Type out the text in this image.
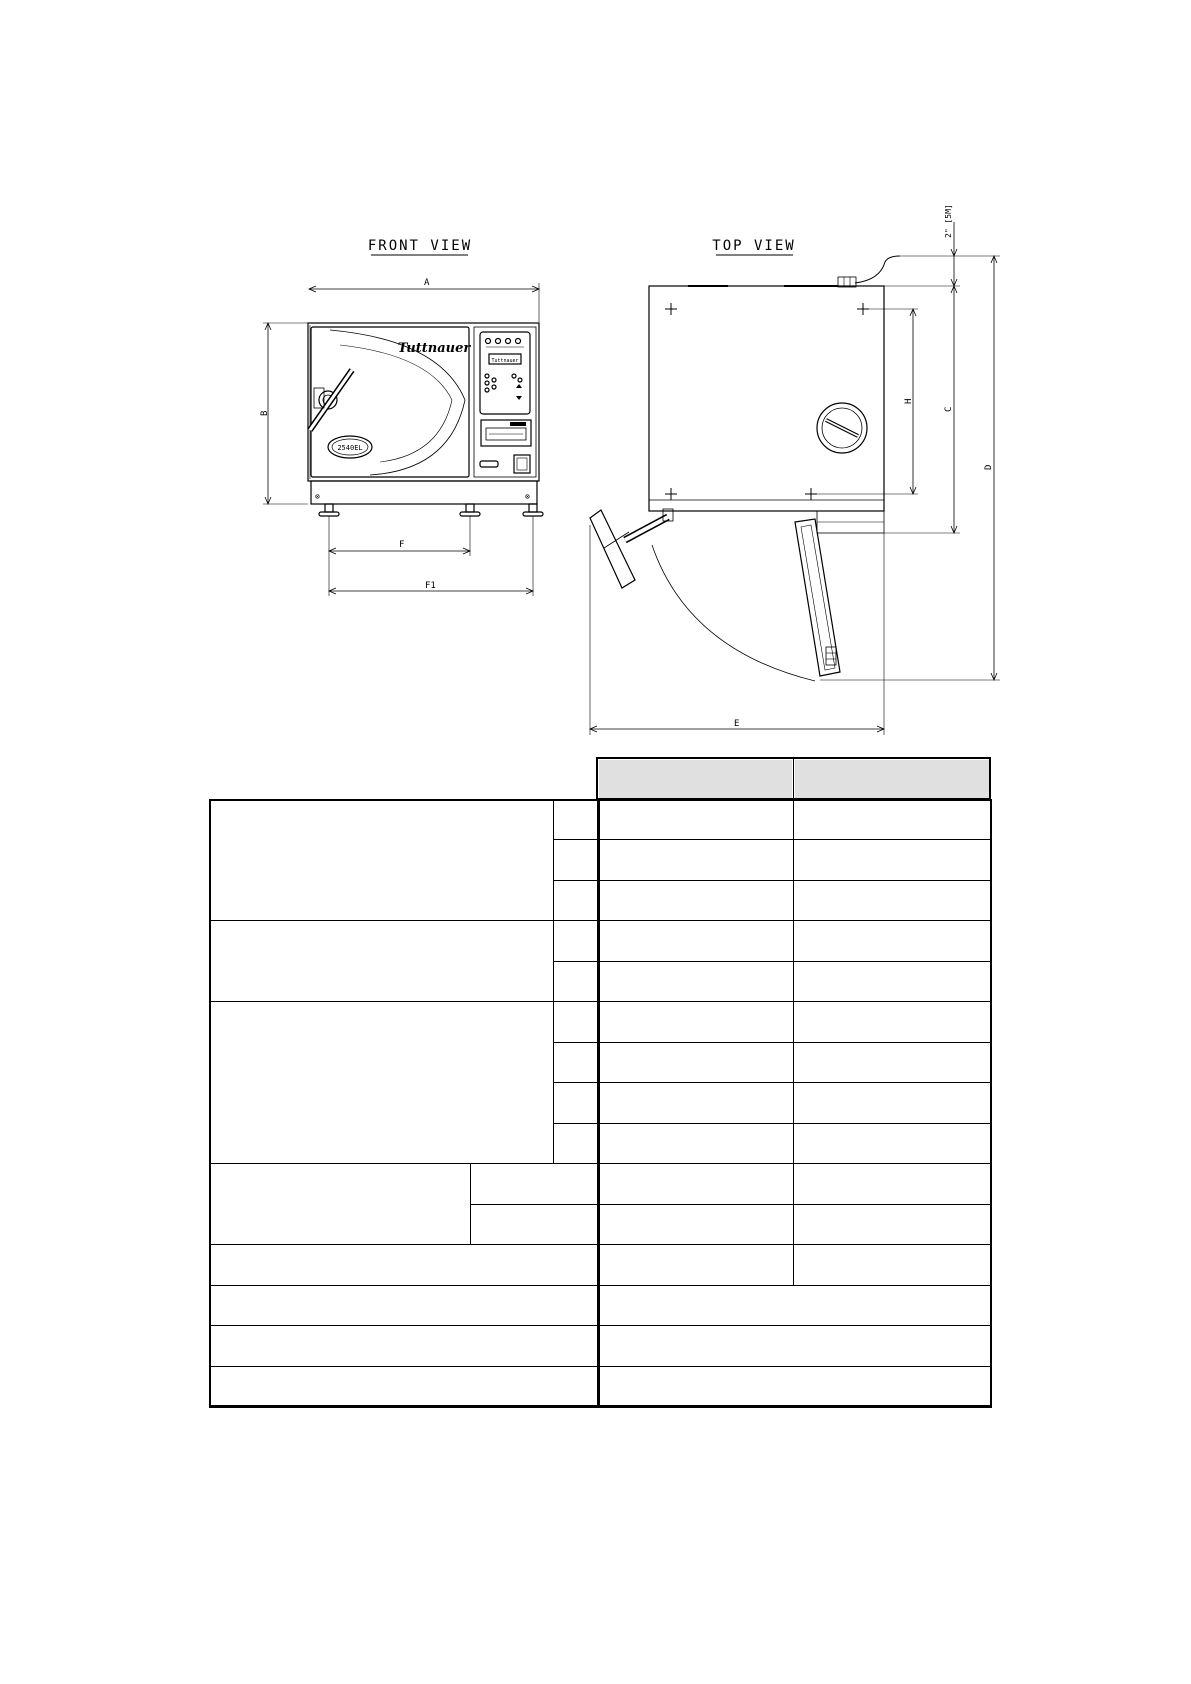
FRONT VIEW
A
B
Tuttnauer
2540EL
Tuttnauer
⊗	⊗
F
F1
TOP VIEW
H
C
2" [5M]
D
E
